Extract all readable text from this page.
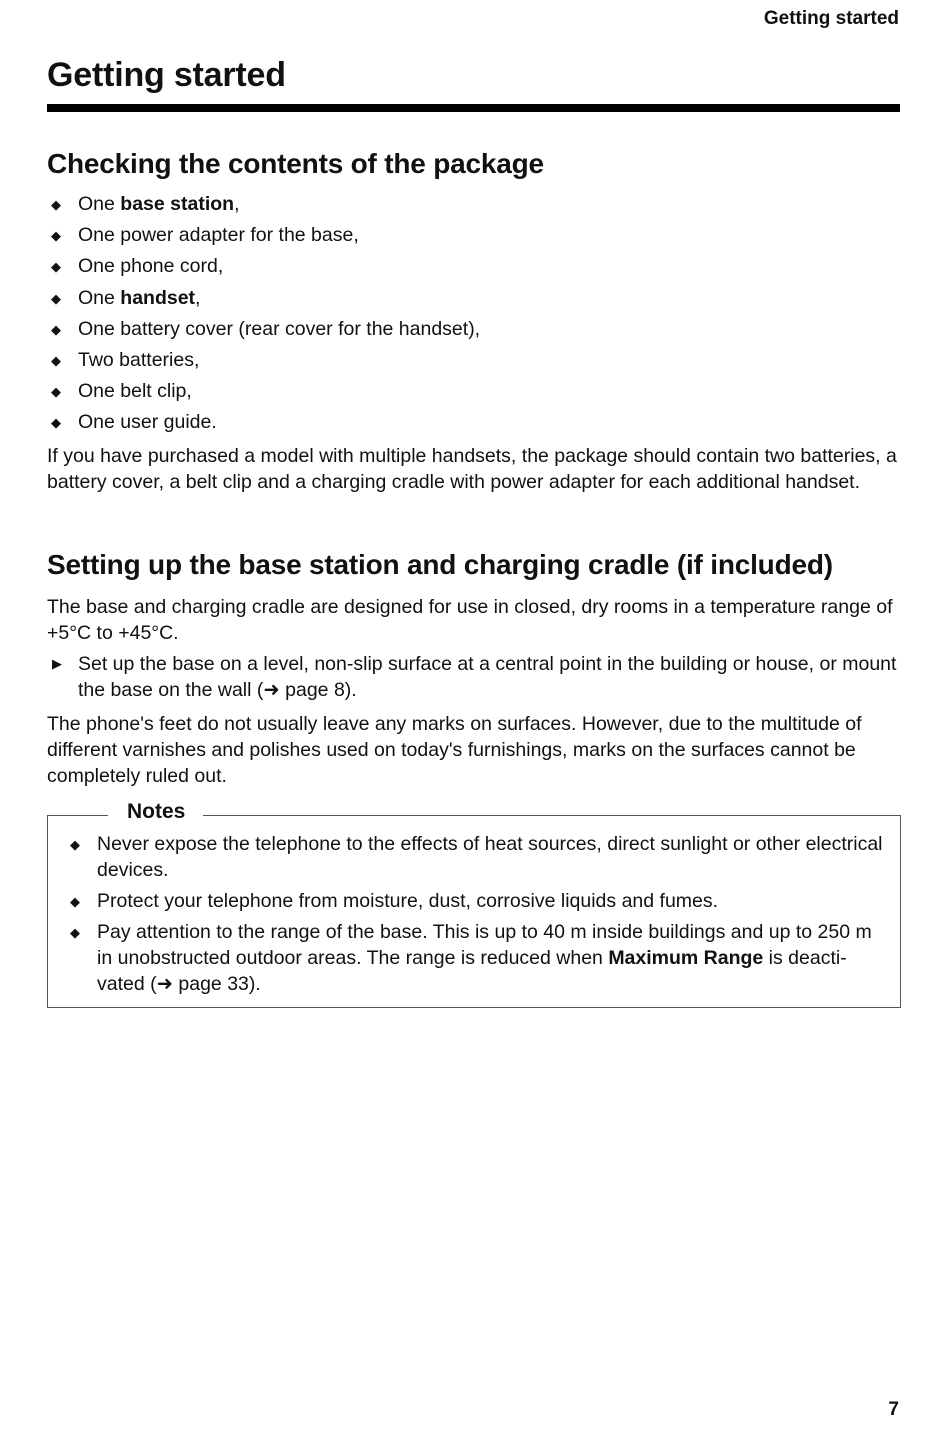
Getting started
Getting started
Checking the contents of the package
◆ One base station,
◆ One power adapter for the base,
◆ One phone cord,
◆ One handset,
◆ One battery cover (rear cover for the handset),
◆ Two batteries,
◆ One belt clip,
◆ One user guide.

If you have purchased a model with multiple handsets, the package should contain two batteries, a battery cover, a belt clip and a charging cradle with power adapter for each additional handset.

Setting up the base station and charging cradle (if included)

The base and charging cradle are designed for use in closed, dry rooms in a temperature range of +5°C to +45°C.

▶ Set up the base on a level, non-slip surface at a central point in the building or house, or mount the base on the wall (➜ page 8).

The phone's feet do not usually leave any marks on surfaces. However, due to the multitude of different varnishes and polishes used on today's furnishings, marks on the surfaces cannot be completely ruled out.

Notes
◆ Never expose the telephone to the effects of heat sources, direct sunlight or other electrical devices.
◆ Protect your telephone from moisture, dust, corrosive liquids and fumes.
◆ Pay attention to the range of the base. This is up to 40 m inside buildings and up to 250 m in unobstructed outdoor areas. The range is reduced when Maximum Range is deacti-vated (➜ page 33).
7
